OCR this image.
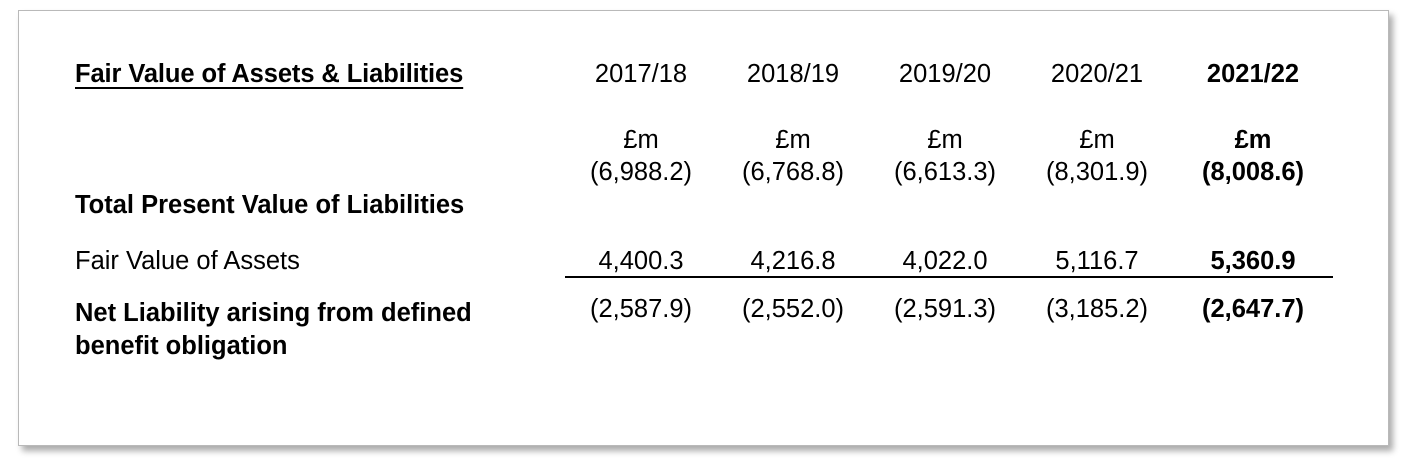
Fair Value of Assets & Liabilities	2017/18	2018/19	2019/20	2020/21	2021/22
	£m	£m	£m	£m	£m
Total Present Value of Liabilities	(6,988.2)	(6,768.8)	(6,613.3)	(8,301.9)	(8,008.6)
Fair Value of Assets	4,400.3	4,216.8	4,022.0	5,116.7	5,360.9
Net Liability arising from defined benefit obligation	(2,587.9)	(2,552.0)	(2,591.3)	(3,185.2)	(2,647.7)
